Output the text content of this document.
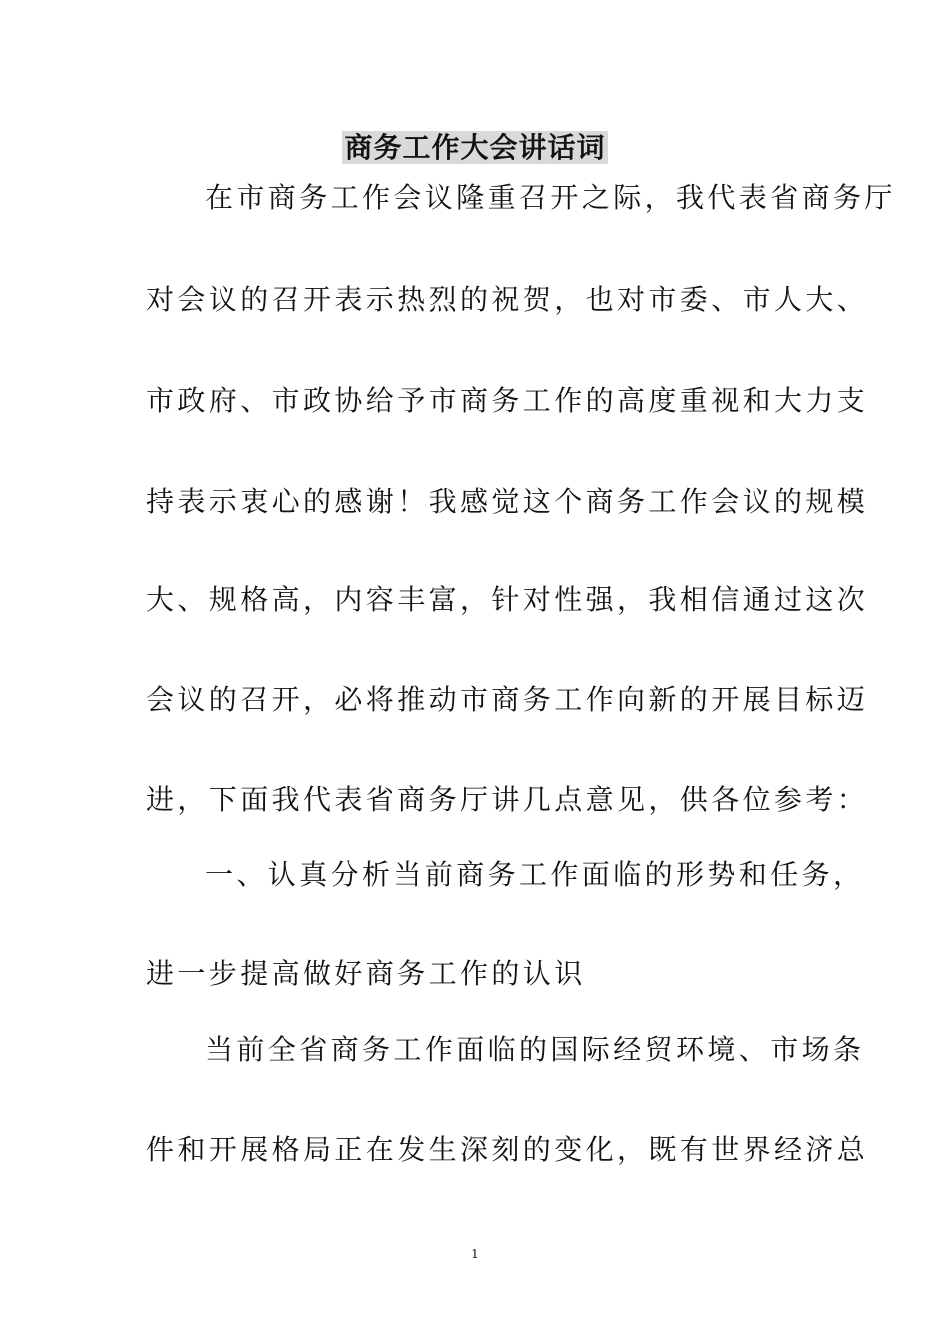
商务工作大会讲话词
在市商务工作会议隆重召开之际，我代表省商务厅
对会议的召开表示热烈的祝贺，也对市委、市人大、
市政府、市政协给予市商务工作的高度重视和大力支
持表示衷心的感谢！我感觉这个商务工作会议的规模
大、规格高，内容丰富，针对性强，我相信通过这次
会议的召开，必将推动市商务工作向新的开展目标迈
进，下面我代表省商务厅讲几点意见，供各位参考：
一、认真分析当前商务工作面临的形势和任务，
进一步提高做好商务工作的认识
当前全省商务工作面临的国际经贸环境、市场条
件和开展格局正在发生深刻的变化，既有世界经济总
1
